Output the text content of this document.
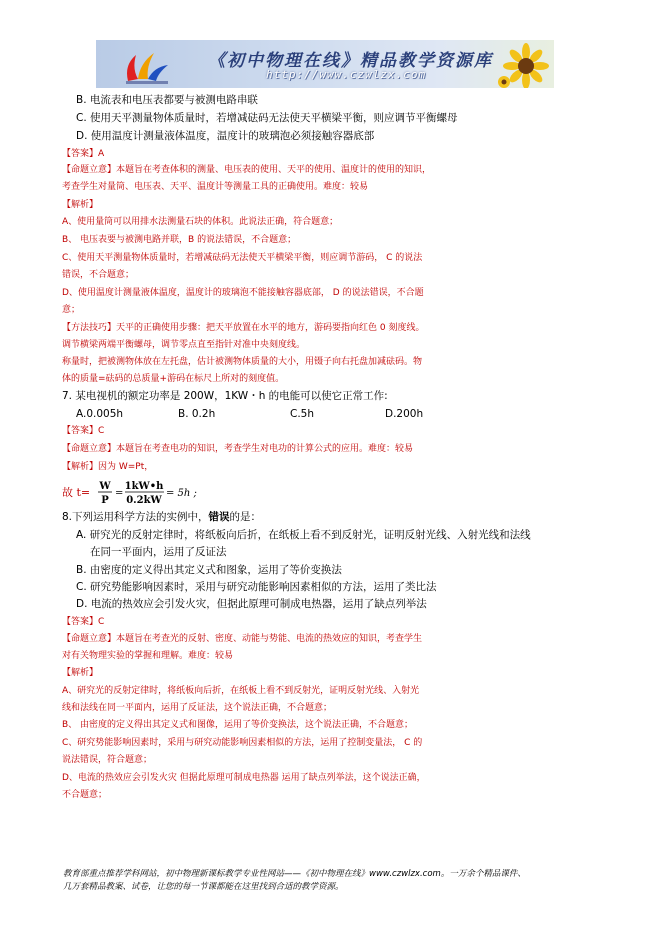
《初中物理在线》精品教学资源库
http://www.czwlzx.com
B. 电流表和电压表都要与被测电路串联
C. 使用天平测量物体质量时，若增减砝码无法使天平横梁平衡，则应调节平衡螺母
D. 使用温度计测量液体温度，温度计的玻璃泡必须接触容器底部
【答案】A
【命题立意】本题旨在考查体积的测量、电压表的使用、天平的使用、温度计的使用的知识，
考查学生对量筒、电压表、天平、温度计等测量工具的正确使用。难度：较易
【解析】
A、使用量筒可以用排水法测量石块的体积。此说法正确，符合题意；
B、 电压表要与被测电路并联，B 的说法错误，不合题意；
C、使用天平测量物体质量时，若增减砝码无法使天平横梁平衡，则应调节游码， C 的说法
错误，不合题意；
D、使用温度计测量液体温度，温度计的玻璃泡不能接触容器底部， D 的说法错误，不合题
意；
【方法技巧】天平的正确使用步骤：把天平放置在水平的地方，游码要指向红色 0 刻度线。
调节横梁两端平衡螺母，调节零点直至指针对准中央刻度线。
称量时，把被测物体放在左托盘，估计被测物体质量的大小，用镊子向右托盘加减砝码。物
体的质量=砝码的总质量+游码在标尺上所对的刻度值。
7. 某电视机的额定功率是 200W，1KW・h 的电能可以使它正常工作:
A.0.005h	B. 0.2h	C.5h	D.200h
【答案】C
【命题立意】本题旨在考查电功的知识，考查学生对电功的计算公式的应用。难度：较易
【解析】因为 W=Pt，
8.下列运用科学方法的实例中，错误的是：
A. 研究光的反射定律时，将纸板向后折，在纸板上看不到反射光，证明反射光线、入射光线和法线
在同一平面内，运用了反证法
B. 由密度的定义得出其定义式和图象，运用了等价变换法
C. 研究势能影响因素时，采用与研究动能影响因素相似的方法，运用了类比法
D. 电流的热效应会引发火灾，但据此原理可制成电热器，运用了缺点列举法
【答案】C
【命题立意】本题旨在考查光的反射、密度、动能与势能、电流的热效应的知识，考查学生
对有关物理实验的掌握和理解。难度：较易
【解析】
A、研究光的反射定律时，将纸板向后折，在纸板上看不到反射光，证明反射光线、入射光
线和法线在同一平面内，运用了反证法，这个说法正确，不合题意；
B、 由密度的定义得出其定义式和图像，运用了等价变换法，这个说法正确，不合题意；
C、研究势能影响因素时，采用与研究动能影响因素相似的方法，运用了控制变量法， C 的
说法错误，符合题意；
D、电流的热效应会引发火灾 但据此原理可制成电热器 运用了缺点列举法，这个说法正确，
不合题意；
故 t= W
P
=
1kW•h
0.2kW
= 5h ;
教育部重点推荐学科网站，初中物理新课标教学专业性网站——《初中物理在线》www.czwlzx.com。一万余个精品课件、
几万套精品教案、试卷，让您的每一节课都能在这里找到合适的教学资源。
